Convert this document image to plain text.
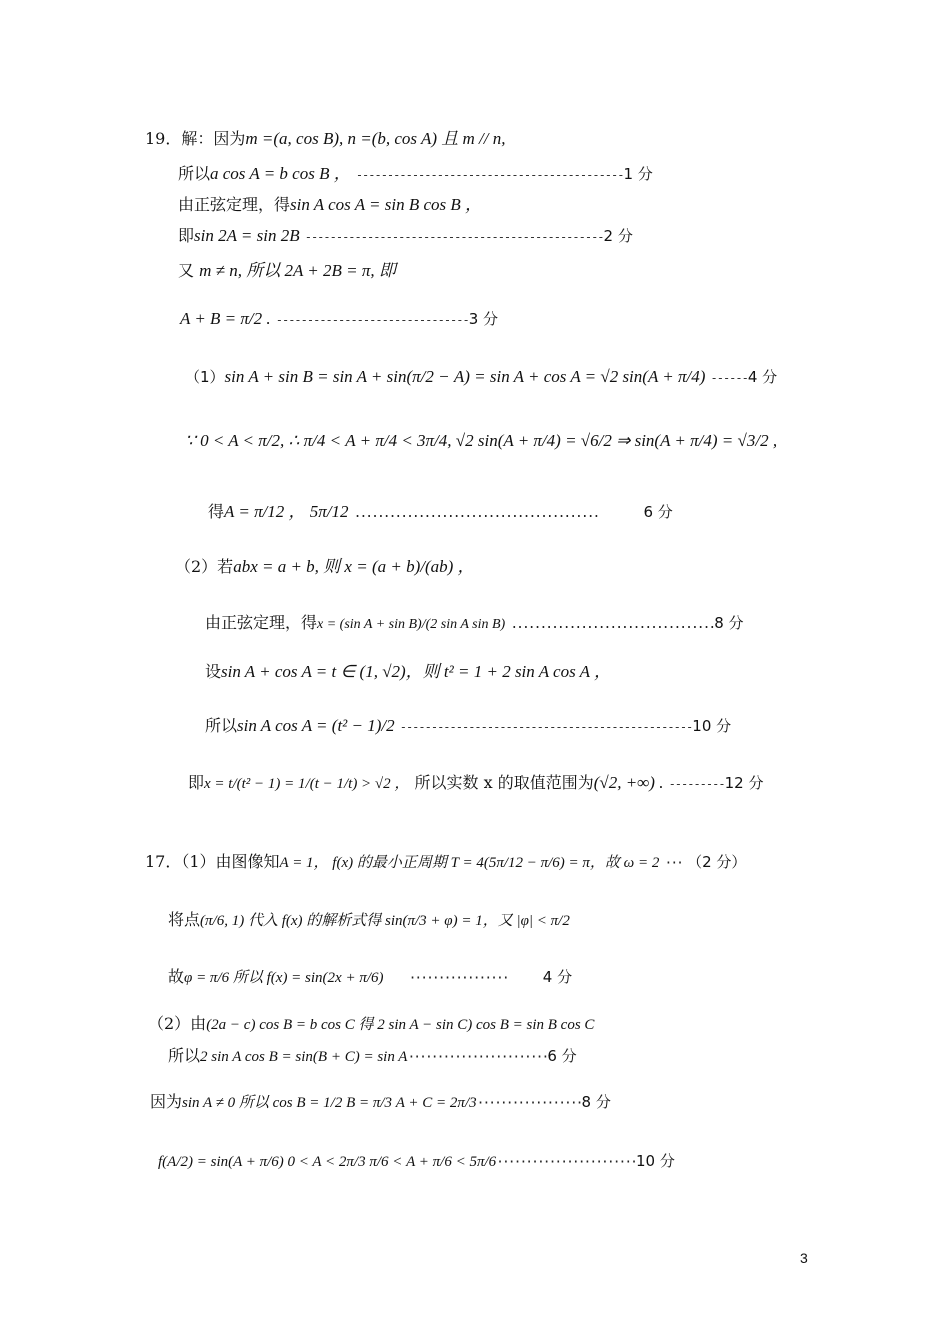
19．解：因为m =(a, cos B), n =(b, cos A) 且 m // n,
所以a cos A = b cos B ， -------------------------------------------1 分
由正弦定理，得sin A cos A = sin B cos B ，
即sin 2A = sin 2B ------------------------------------------------2 分
又 m ≠ n, 所以 2A + 2B = π, 即
A + B = π/2 . -------------------------------3 分
（1）sin A + sin B = sin A + sin(π/2 − A) = sin A + cos A = √2 sin(A + π/4) ------4 分
∵ 0 < A < π/2, ∴ π/4 < A + π/4 < 3π/4, √2 sin(A + π/4) = √6/2 ⇒ sin(A + π/4) = √3/2 ,
得A = π/12 ， 5π/12 ..........................................	6 分
（2）若abx = a + b, 则 x = (a + b)/(ab) ，
由正弦定理，得x = (sin A + sin B)/(2 sin A sin B) ...................................8 分
设sin A + cos A = t ∈ (1, √2)，则 t² = 1 + 2 sin A cos A ，
所以sin A cos A = (t² − 1)/2 -----------------------------------------------10 分
即x = t/(t² − 1) = 1/(t − 1/t) > √2 ， 所以实数 x 的取值范围为(√2, +∞) . ---------12 分
17．（1）由图像知A = 1， f(x) 的最小正周期 T = 4(5π/12 − π/6) = π，故 ω = 2 ··· （2 分）
将点(π/6, 1) 代入 f(x) 的解析式得 sin(π/3 + φ) = 1，又 |φ| < π/2
故φ = π/6 所以 f(x) = sin(2x + π/6) ················· 4 分
（2）由(2a − c) cos B = b cos C 得 2 sin A − sin C) cos B = sin B cos C
所以2 sin A cos B = sin(B + C) = sin A························6 分
因为sin A ≠ 0 所以 cos B = 1/2 B = π/3 A + C = 2π/3··················8 分
f(A/2) = sin(A + π/6) 0 < A < 2π/3 π/6 < A + π/6 < 5π/6························10 分
3
